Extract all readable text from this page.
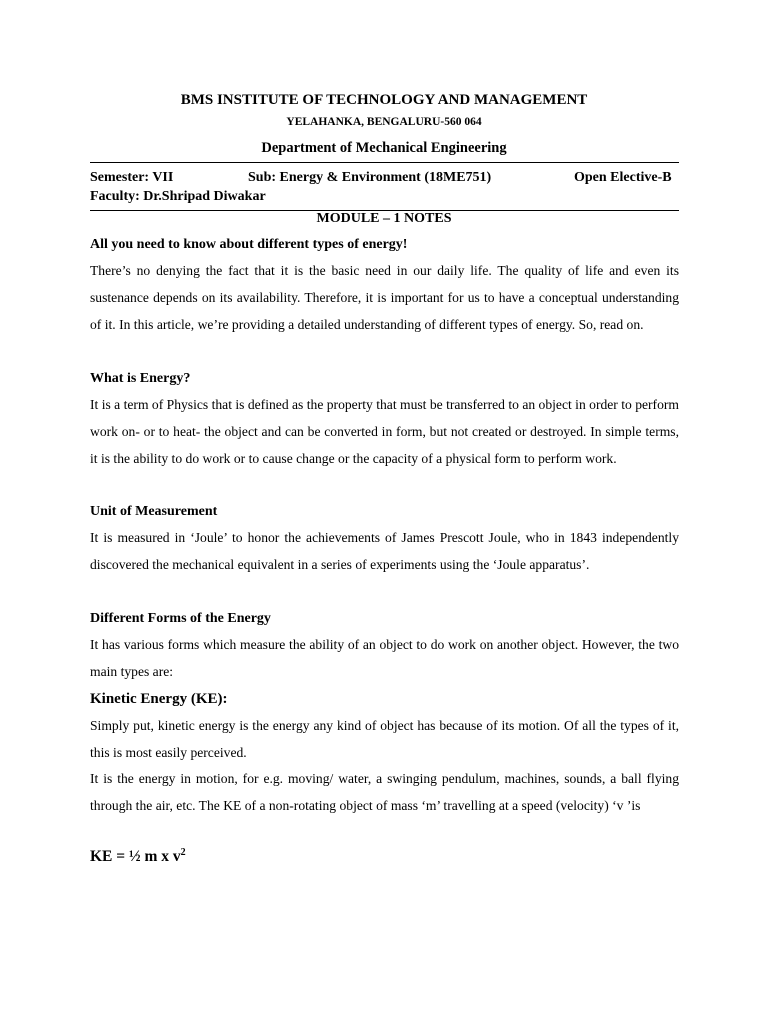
BMS INSTITUTE OF TECHNOLOGY AND MANAGEMENT
YELAHANKA, BENGALURU-560 064
Department of Mechanical Engineering
Semester: VII	Sub: Energy & Environment (18ME751)	Open Elective-B
Faculty: Dr.Shripad Diwakar
MODULE – 1 NOTES
All you need to know about different types of energy!
There’s no denying the fact that it is the basic need in our daily life. The quality of life and even its sustenance depends on its availability. Therefore, it is important for us to have a conceptual understanding of it. In this article, we’re providing a detailed understanding of different types of energy. So, read on.
What is Energy?
It is a term of Physics that is defined as the property that must be transferred to an object in order to perform work on- or to heat- the object and can be converted in form, but not created or destroyed. In simple terms, it is the ability to do work or to cause change or the capacity of a physical form to perform work.
Unit of Measurement
It is measured in ‘Joule’ to honor the achievements of James Prescott Joule, who in 1843 independently discovered the mechanical equivalent in a series of experiments using the ‘Joule apparatus’.
Different Forms of the Energy
It has various forms which measure the ability of an object to do work on another object. However, the two main types are:
Kinetic Energy (KE):
Simply put, kinetic energy is the energy any kind of object has because of its motion. Of all the types of it, this is most easily perceived.
It is the energy in motion, for e.g. moving/ water, a swinging pendulum, machines, sounds, a ball flying through the air, etc. The KE of a non-rotating object of mass ‘m’ travelling at a speed (velocity) ‘v ’is
KE = ½ m x $v^2$
